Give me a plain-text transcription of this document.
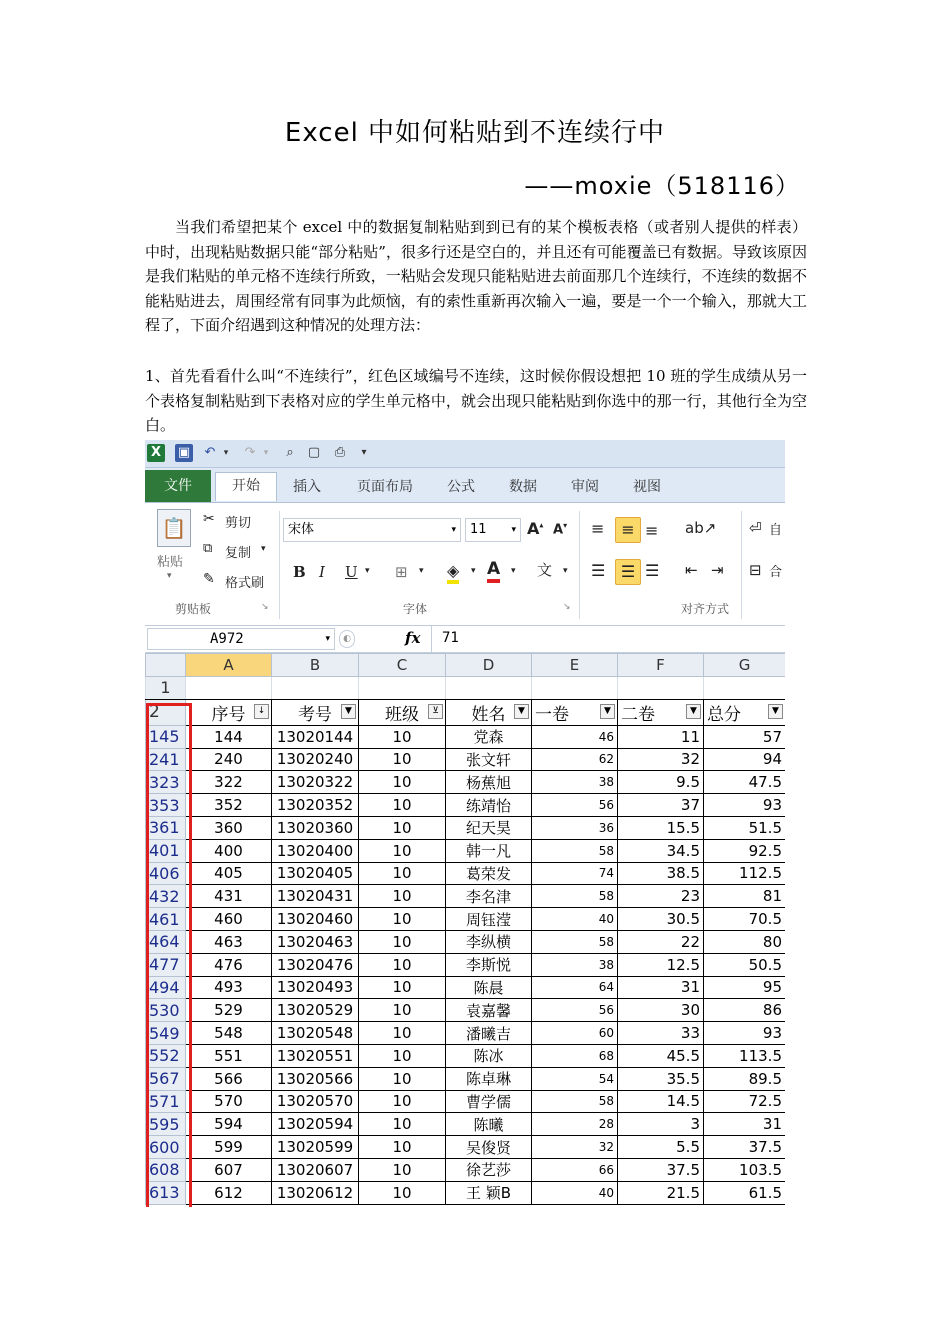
Excel 中如何粘贴到不连续行中
——moxie（518116）

当我们希望把某个 excel 中的数据复制粘贴到到已有的某个模板表格（或者别人提供的样表）中时，出现粘贴数据只能“部分粘贴”，很多行还是空白的，并且还有可能覆盖已有数据。导致该原因是我们粘贴的单元格不连续行所致，一粘贴会发现只能粘贴进去前面那几个连续行，不连续的数据不能粘贴进去，周围经常有同事为此烦恼，有的索性重新再次输入一遍，要是一个一个输入，那就大工程了，下面介绍遇到这种情况的处理方法：

1、首先看看什么叫“不连续行”，红色区域编号不连续，这时候你假设想把 10 班的学生成绩从另一个表格复制粘贴到下表格对应的学生单元格中，就会出现只能粘贴到你选中的那一行，其他行全为空白。

X	▣ ↶ ▾	↷ ▾	⌕	▢ ⎙	▾
文件	开始	插入	页面布局	公式	数据	审阅	视图
📋
粘贴
▾
✂ 剪切
⧉ 复制 ▾
✎ 格式刷
剪贴板	↘
宋体	▾	11	▾ A▴ A▾
B I U ▾ ⊞ ▾ ◈ ▾ A ▾ 文 ▾
字体	↘
≡	≡ ≡ ab↗ ⏎ 自
☰ ☰ ☰ ⇤ ⇥ ⊟ 合
对齐方式
A972	▾	◐	fx 71
	A	B	C	D	E	F	G
1							
2	序号 ↓	考号 ▼	班级 ⊻	姓名 ▼	一卷 ▼	二卷 ▼	总分 ▼

145	144	13020144	10	党森	46	11	57
241	240	13020240	10	张文轩	62	32	94
323	322	13020322	10	杨蕉旭	38	9.5	47.5
353	352	13020352	10	练靖怡	56	37	93
361	360	13020360	10	纪天昊	36	15.5	51.5
401	400	13020400	10	韩一凡	58	34.5	92.5
406	405	13020405	10	葛荣发	74	38.5	112.5
432	431	13020431	10	李名津	58	23	81
461	460	13020460	10	周钰滢	40	30.5	70.5
464	463	13020463	10	李纵横	58	22	80
477	476	13020476	10	李斯悦	38	12.5	50.5
494	493	13020493	10	陈晨	64	31	95
530	529	13020529	10	袁嘉馨	56	30	86
549	548	13020548	10	潘曦吉	60	33	93
552	551	13020551	10	陈冰	68	45.5	113.5
567	566	13020566	10	陈卓琳	54	35.5	89.5
571	570	13020570	10	曹学儒	58	14.5	72.5
595	594	13020594	10	陈曦	28	3	31
600	599	13020599	10	吴俊贤	32	5.5	37.5
608	607	13020607	10	徐艺莎	66	37.5	103.5
613	612	13020612	10	王 颖B	40	21.5	61.5
